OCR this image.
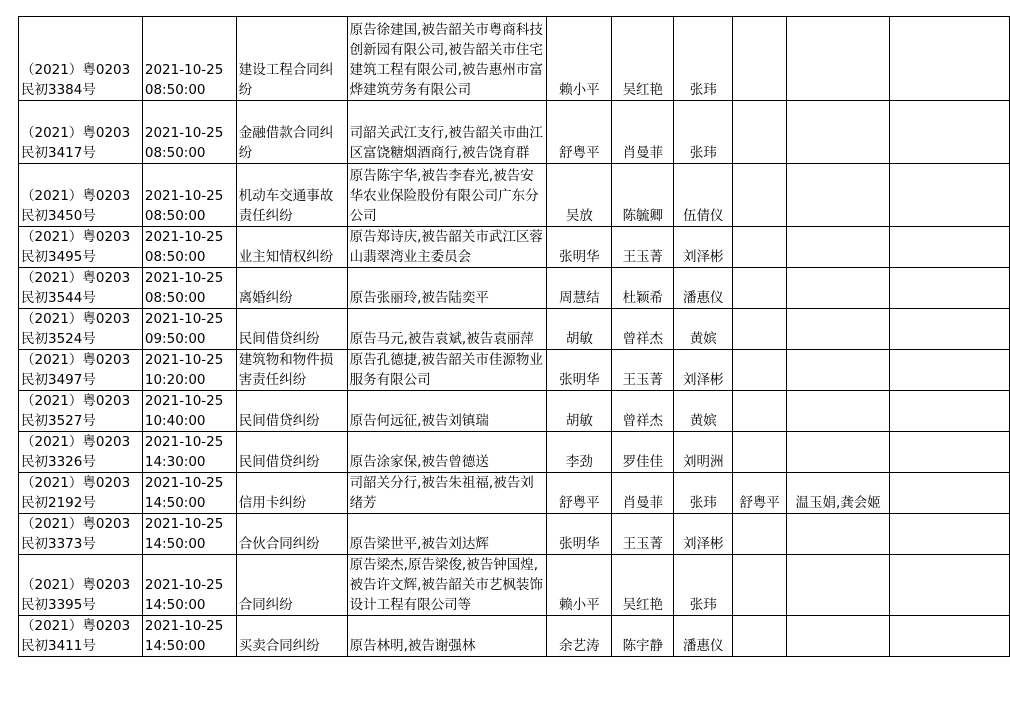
（2021）粤0203民初3384号	2021-10-25 08:50:00	建设工程合同纠纷	原告徐建国,被告韶关市粤商科技创新园有限公司,被告韶关市住宅建筑工程有限公司,被告惠州市富烨建筑劳务有限公司	赖小平	吴红艳	张玮			
（2021）粤0203民初3417号	2021-10-25 08:50:00	金融借款合同纠纷	司韶关武江支行,被告韶关市曲江区富饶糖烟酒商行,被告饶育群	舒粤平	肖曼菲	张玮			
（2021）粤0203民初3450号	2021-10-25 08:50:00	机动车交通事故责任纠纷	原告陈宇华,被告李春光,被告安华农业保险股份有限公司广东分公司	吴放	陈毓卿	伍倩仪			
（2021）粤0203民初3495号	2021-10-25 08:50:00	业主知情权纠纷	原告郑诗庆,被告韶关市武江区蓉山翡翠湾业主委员会	张明华	王玉菁	刘泽彬			
（2021）粤0203民初3544号	2021-10-25 08:50:00	离婚纠纷	原告张丽玲,被告陆奕平	周慧结	杜颖希	潘惠仪			
（2021）粤0203民初3524号	2021-10-25 09:50:00	民间借贷纠纷	原告马元,被告袁斌,被告袁丽萍	胡敏	曾祥杰	黄嫔			
（2021）粤0203民初3497号	2021-10-25 10:20:00	建筑物和物件损害责任纠纷	原告孔德捷,被告韶关市佳源物业服务有限公司	张明华	王玉菁	刘泽彬			
（2021）粤0203民初3527号	2021-10-25 10:40:00	民间借贷纠纷	原告何远征,被告刘镇瑞	胡敏	曾祥杰	黄嫔			
（2021）粤0203民初3326号	2021-10-25 14:30:00	民间借贷纠纷	原告涂家保,被告曾德送	李劲	罗佳佳	刘明洲			
（2021）粤0203民初2192号	2021-10-25 14:50:00	信用卡纠纷	司韶关分行,被告朱祖福,被告刘绪芳	舒粤平	肖曼菲	张玮	舒粤平	温玉娟,龚会姬	
（2021）粤0203民初3373号	2021-10-25 14:50:00	合伙合同纠纷	原告梁世平,被告刘达辉	张明华	王玉菁	刘泽彬			
（2021）粤0203民初3395号	2021-10-25 14:50:00	合同纠纷	原告梁杰,原告梁俊,被告钟国煌,被告许文辉,被告韶关市艺枫装饰设计工程有限公司等	赖小平	吴红艳	张玮			
（2021）粤0203民初3411号	2021-10-25 14:50:00	买卖合同纠纷	原告林明,被告谢强林	余艺涛	陈宇静	潘惠仪			
